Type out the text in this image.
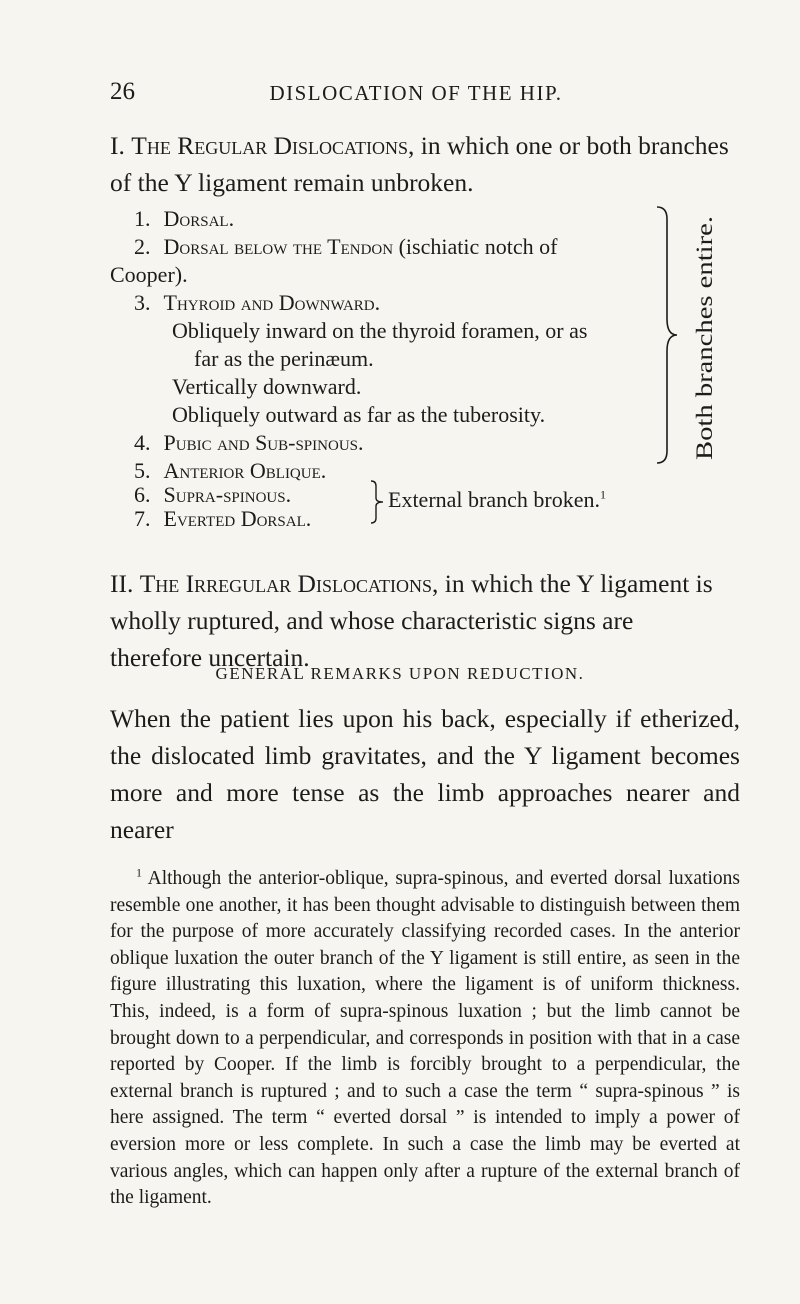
26	DISLOCATION OF THE HIP.
I. The Regular Dislocations, in which one or both branches of the Y ligament remain unbroken.
1. Dorsal.
2. Dorsal below the Tendon (ischiatic notch of
Cooper).
3. Thyroid and Downward.
Obliquely inward on the thyroid foramen, or as
far as the perinæum.
Vertically downward.
Obliquely outward as far as the tuberosity.
4. Pubic and Sub-spinous.
5. Anterior Oblique.
6. Supra-spinous.
7. Everted Dorsal.
Both branches entire.
External branch broken.$^1$
II. The Irregular Dislocations, in which the Y ligament is wholly ruptured, and whose characteristic signs are therefore uncertain.
GENERAL REMARKS UPON REDUCTION.
When the patient lies upon his back, especially if etherized, the dislocated limb gravitates, and the Y ligament becomes more and more tense as the limb approaches nearer and nearer
$^1$ Although the anterior-oblique, supra-spinous, and everted dorsal luxations resemble one another, it has been thought advisable to distinguish between them for the purpose of more accurately classifying recorded cases. In the anterior oblique luxation the outer branch of the Y ligament is still entire, as seen in the figure illustrating this luxation, where the ligament is of uniform thickness. This, indeed, is a form of supra-spinous luxation ; but the limb cannot be brought down to a perpendicular, and corresponds in position with that in a case reported by Cooper. If the limb is forcibly brought to a perpendicular, the external branch is ruptured ; and to such a case the term “ supra-spinous ” is here assigned. The term “ everted dorsal ” is intended to imply a power of eversion more or less complete. In such a case the limb may be everted at various angles, which can happen only after a rupture of the external branch of the ligament.
